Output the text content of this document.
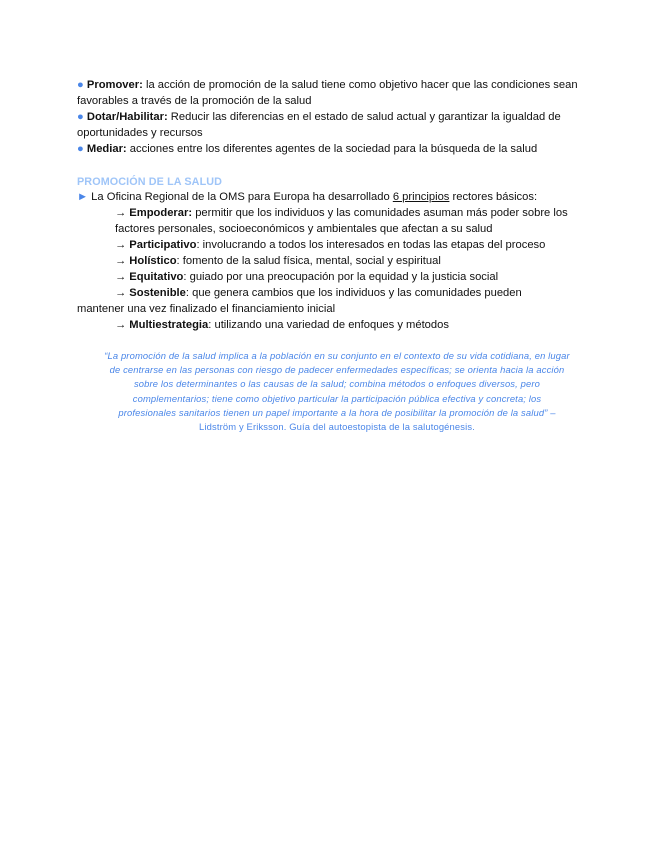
● Promover: la acción de promoción de la salud tiene como objetivo hacer que las condiciones sean favorables a través de la promoción de la salud

● Dotar/Habilitar: Reducir las diferencias en el estado de salud actual y garantizar la igualdad de oportunidades y recursos

● Mediar: acciones entre los diferentes agentes de la sociedad para la búsqueda de la salud

PROMOCIÓN DE LA SALUD

► La Oficina Regional de la OMS para Europa ha desarrollado 6 principios rectores básicos:

→ Empoderar: permitir que los individuos y las comunidades asuman más poder sobre los
factores personales, socioeconómicos y ambientales que afectan a su salud
→ Participativo: involucrando a todos los interesados en todas las etapas del proceso
→ Holístico: fomento de la salud física, mental, social y espiritual
→ Equitativo: guiado por una preocupación por la equidad y la justicia social
→ Sostenible: que genera cambios que los individuos y las comunidades pueden
mantener una vez finalizado el financiamiento inicial
→ Multiestrategia: utilizando una variedad de enfoques y métodos
“La promoción de la salud implica a la población en su conjunto en el contexto de su vida cotidiana, en lugar
de centrarse en las personas con riesgo de padecer enfermedades específicas; se orienta hacia la acción
sobre los determinantes o las causas de la salud; combina métodos o enfoques diversos, pero
complementarios; tiene como objetivo particular la participación pública efectiva y concreta; los
profesionales sanitarios tienen un papel importante a la hora de posibilitar la promoción de la salud” –
Lidström y Eriksson. Guía del autoestopista de la salutogénesis.
